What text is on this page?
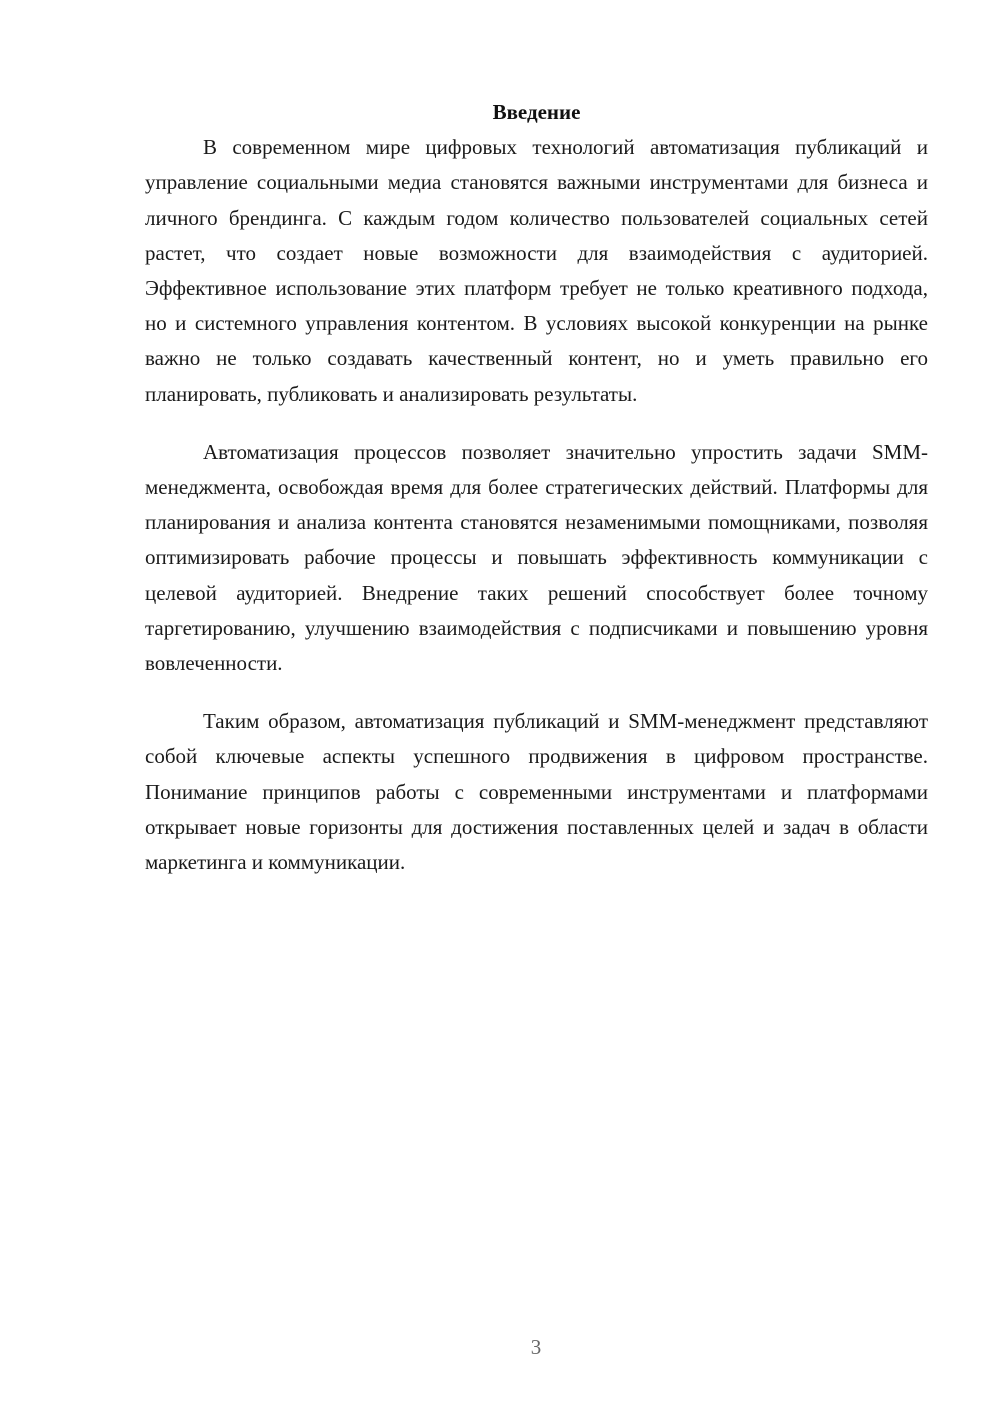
Введение

В современном мире цифровых технологий автоматизация публикаций и управление социальными медиа становятся важными инструментами для бизнеса и личного брендинга. С каждым годом количество пользователей социальных сетей растет, что создает новые возможности для взаимодействия с аудиторией. Эффективное использование этих платформ требует не только креативного подхода, но и системного управления контентом. В условиях высокой конкуренции на рынке важно не только создавать качественный контент, но и уметь правильно его планировать, публиковать и анализировать результаты.

Автоматизация процессов позволяет значительно упростить задачи SMM-менеджмента, освобождая время для более стратегических действий. Платформы для планирования и анализа контента становятся незаменимыми помощниками, позволяя оптимизировать рабочие процессы и повышать эффективность коммуникации с целевой аудиторией. Внедрение таких решений способствует более точному таргетированию, улучшению взаимодействия с подписчиками и повышению уровня вовлеченности.

Таким образом, автоматизация публикаций и SMM-менеджмент представляют собой ключевые аспекты успешного продвижения в цифровом пространстве. Понимание принципов работы с современными инструментами и платформами открывает новые горизонты для достижения поставленных целей и задач в области маркетинга и коммуникации.

3
